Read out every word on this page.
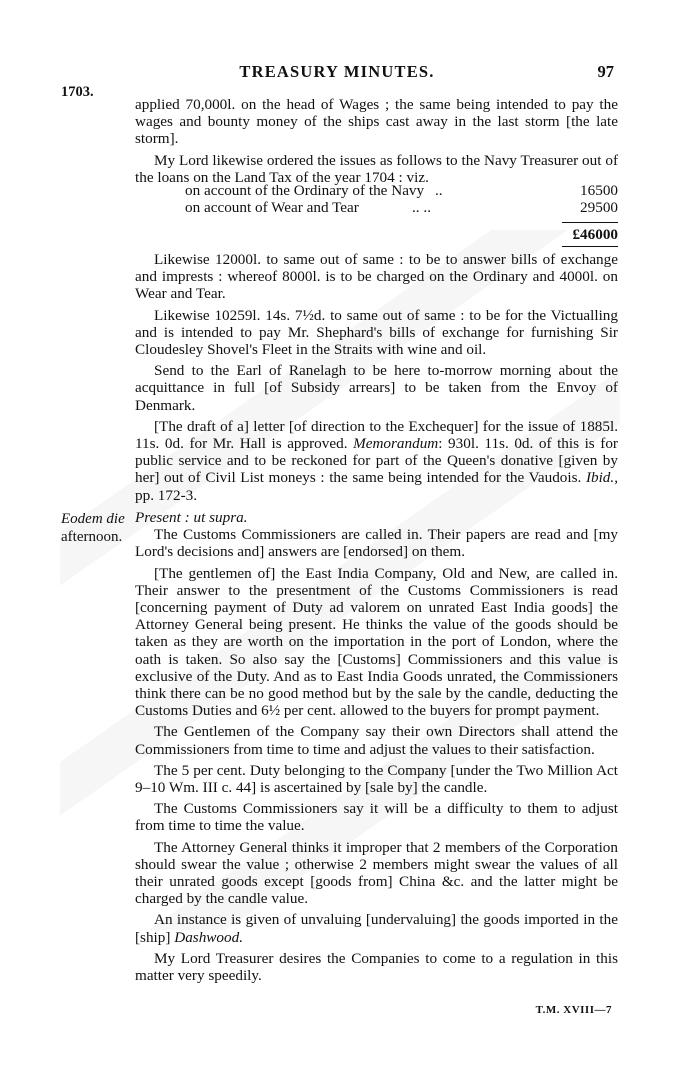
TREASURY MINUTES.	97
1703.

applied 70,000l. on the head of Wages ; the same being intended to pay the wages and bounty money of the ships cast away in the last storm [the late storm].

My Lord likewise ordered the issues as follows to the Navy Treasurer out of the loans on the Land Tax of the year 1704 : viz.

on account of the Ordinary of the Navy ..	16500
on account of Wear and Tear	.. ..	29500
£46000

Likewise 12000l. to same out of same : to be to answer bills of exchange and imprests : whereof 8000l. is to be charged on the Ordinary and 4000l. on Wear and Tear.

Likewise 10259l. 14s. 7½d. to same out of same : to be for the Victualling and is intended to pay Mr. Shephard's bills of exchange for furnishing Sir Cloudesley Shovel's Fleet in the Straits with wine and oil.

Send to the Earl of Ranelagh to be here to-morrow morning about the acquittance in full [of Subsidy arrears] to be taken from the Envoy of Denmark.

[The draft of a] letter [of direction to the Exchequer] for the issue of 1885l. 11s. 0d. for Mr. Hall is approved. Memorandum: 930l. 11s. 0d. of this is for public service and to be reckoned for part of the Queen's donative [given by her] out of Civil List moneys : the same being intended for the Vaudois. Ibid., pp. 172-3.

Eodem die
afternoon.

Present : ut supra.

The Customs Commissioners are called in. Their papers are read and [my Lord's decisions and] answers are [endorsed] on them.

[The gentlemen of] the East India Company, Old and New, are called in. Their answer to the presentment of the Customs Commissioners is read [concerning payment of Duty ad valorem on unrated East India goods] the Attorney General being present. He thinks the value of the goods should be taken as they are worth on the importation in the port of London, where the oath is taken. So also say the [Customs] Commissioners and this value is exclusive of the Duty. And as to East India Goods unrated, the Commissioners think there can be no good method but by the sale by the candle, deducting the Customs Duties and 6½ per cent. allowed to the buyers for prompt payment.

The Gentlemen of the Company say their own Directors shall attend the Commissioners from time to time and adjust the values to their satisfaction.

The 5 per cent. Duty belonging to the Company [under the Two Million Act 9–10 Wm. III c. 44] is ascertained by [sale by] the candle.

The Customs Commissioners say it will be a difficulty to them to adjust from time to time the value.

The Attorney General thinks it improper that 2 members of the Corporation should swear the value ; otherwise 2 members might swear the values of all their unrated goods except [goods from] China &c. and the latter might be charged by the candle value.

An instance is given of unvaluing [undervaluing] the goods imported in the [ship] Dashwood.

My Lord Treasurer desires the Companies to come to a regulation in this matter very speedily.

T.M. XVIII—7
